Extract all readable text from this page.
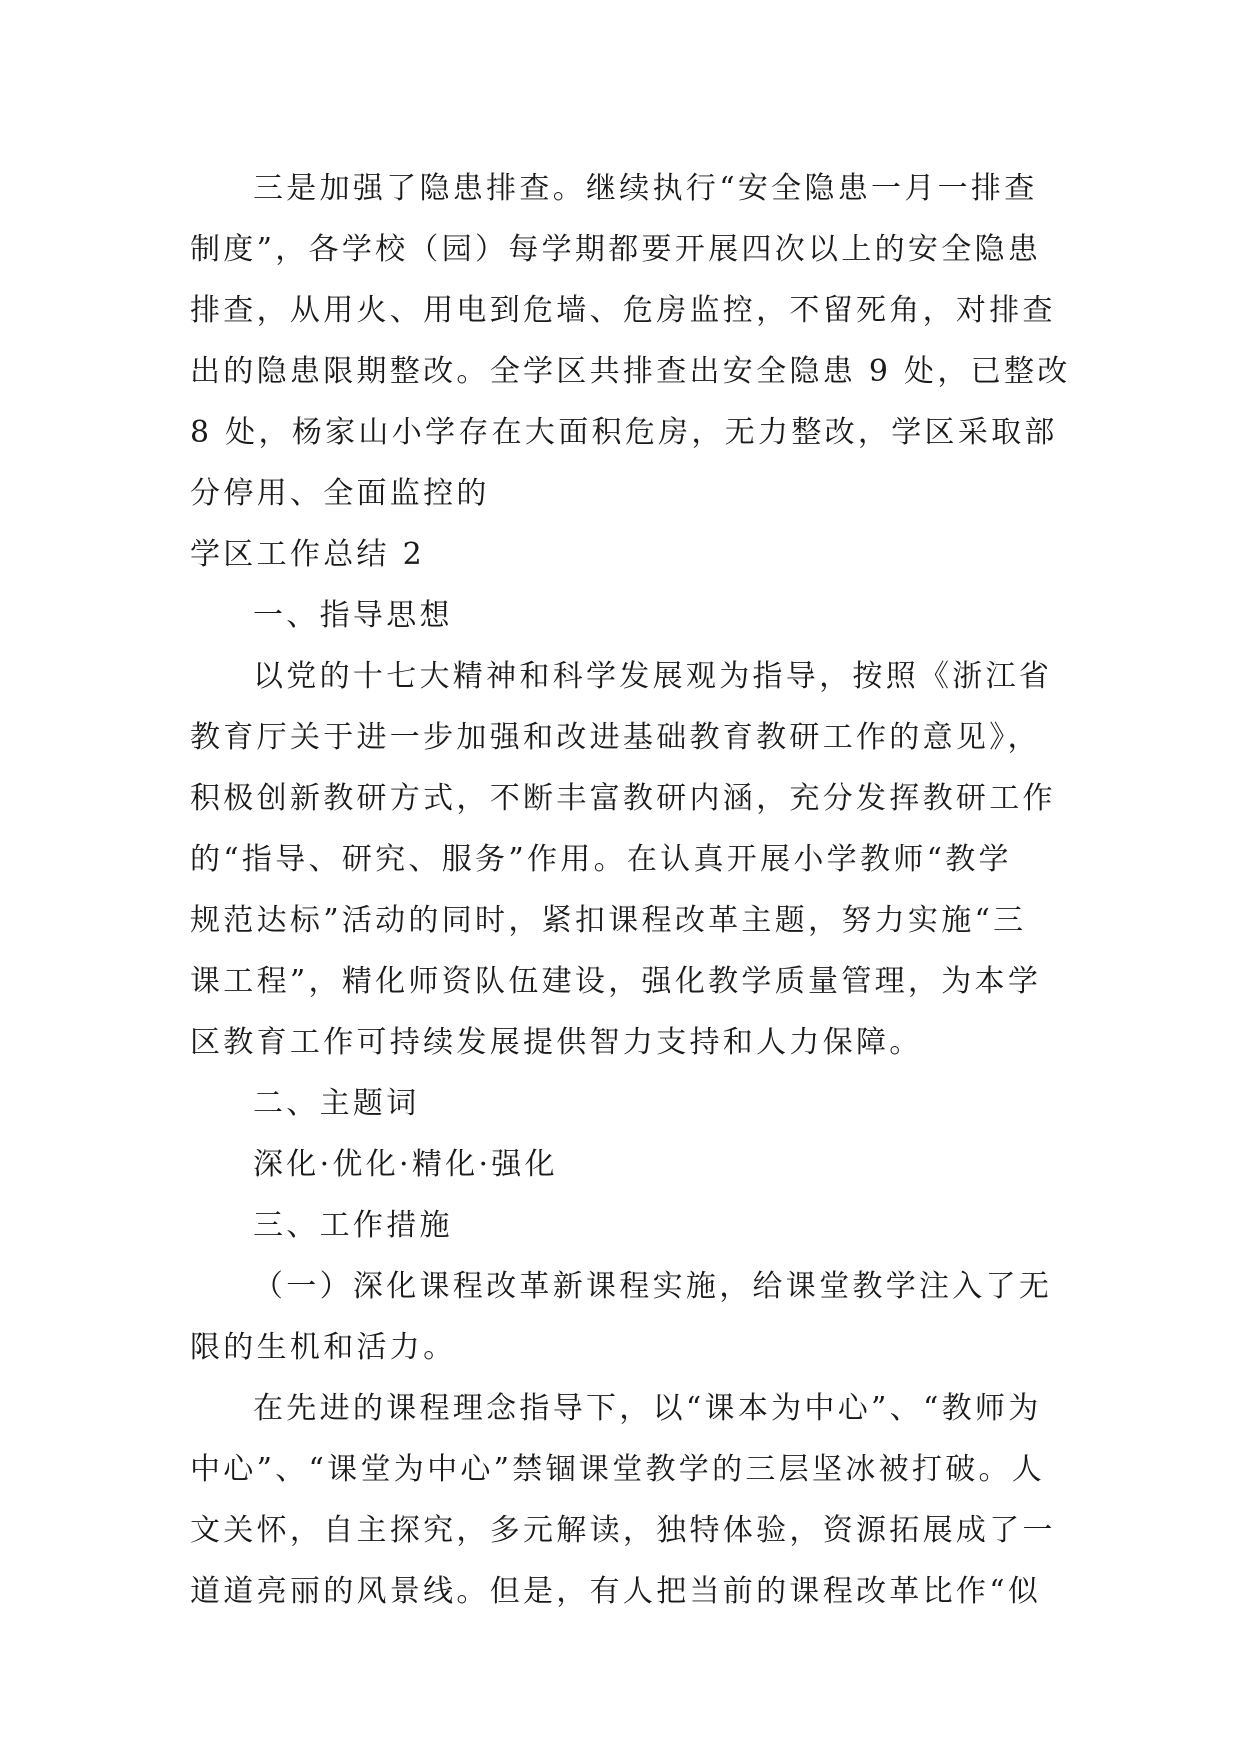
三是加强了隐患排查。继续执行“安全隐患一月一排查
制度”，各学校（园）每学期都要开展四次以上的安全隐患
排查，从用火、用电到危墙、危房监控，不留死角，对排查
出的隐患限期整改。全学区共排查出安全隐患 9 处，已整改
8 处，杨家山小学存在大面积危房，无力整改，学区采取部
分停用、全面监控的
学区工作总结 2
一、指导思想
以党的十七大精神和科学发展观为指导，按照《浙江省
教育厅关于进一步加强和改进基础教育教研工作的意见》，
积极创新教研方式，不断丰富教研内涵，充分发挥教研工作
的“指导、研究、服务”作用。在认真开展小学教师“教学
规范达标”活动的同时，紧扣课程改革主题，努力实施“三
课工程”，精化师资队伍建设，强化教学质量管理，为本学
区教育工作可持续发展提供智力支持和人力保障。
二、主题词
深化·优化·精化·强化
三、工作措施
（一）深化课程改革新课程实施，给课堂教学注入了无
限的生机和活力。
在先进的课程理念指导下，以“课本为中心”、“教师为
中心”、“课堂为中心”禁锢课堂教学的三层坚冰被打破。人
文关怀，自主探究，多元解读，独特体验，资源拓展成了一
道道亮丽的风景线。但是，有人把当前的课程改革比作“似
